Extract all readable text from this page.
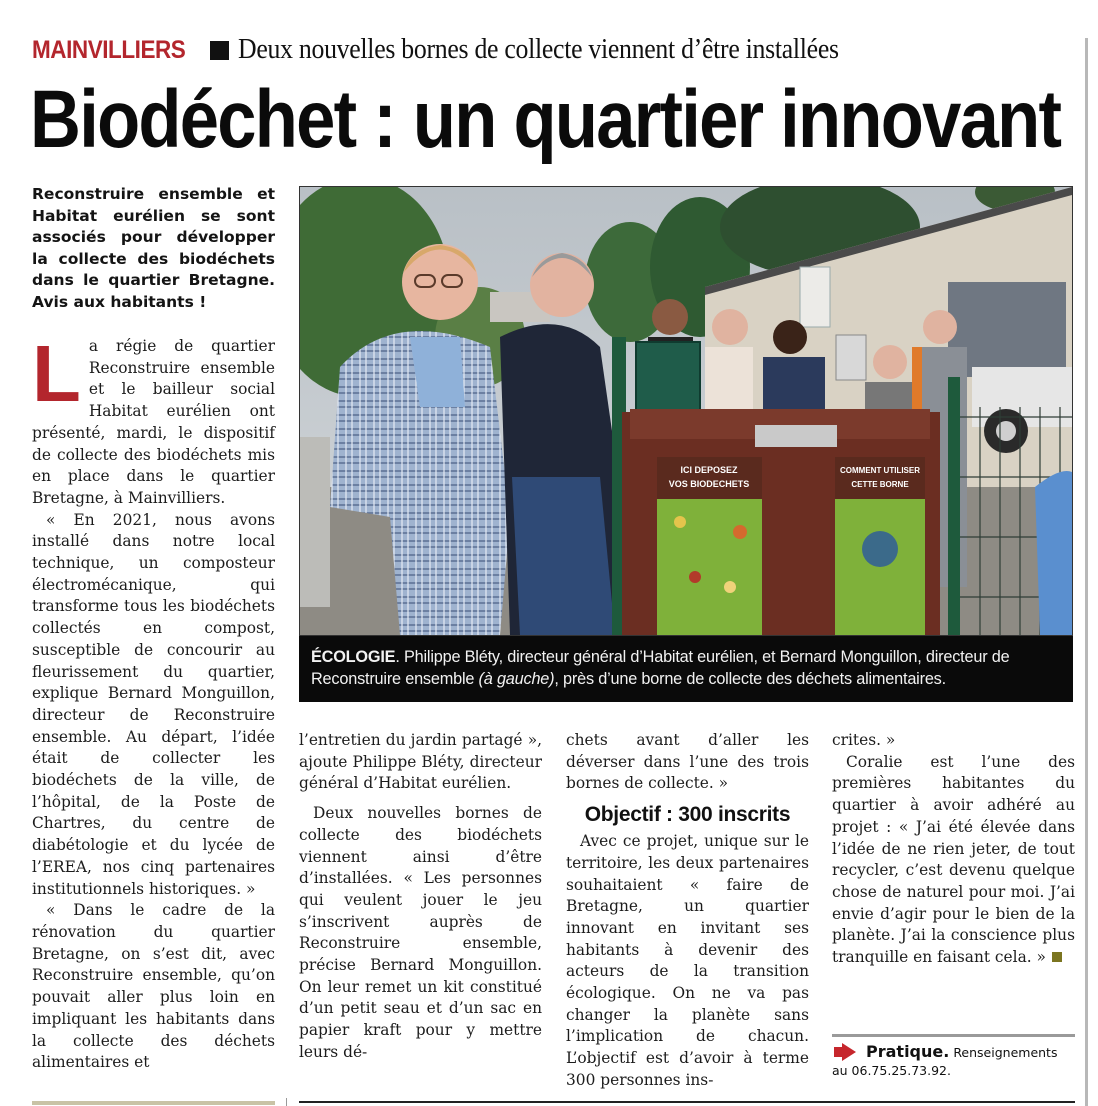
MAINVILLIERS Deux nouvelles bornes de collecte viennent d’être installées
Biodéchet : un quartier innovant
Reconstruire ensemble et Habitat eurélien se sont associés pour développer la collecte des biodéchets dans le quartier Bretagne. Avis aux habitants !

La régie de quartier Reconstruire ensemble et le bailleur social Habitat eurélien ont présenté, mardi, le dispositif de collecte des biodéchets mis en place dans le quartier Bretagne, à Mainvilliers.

« En 2021, nous avons installé dans notre local technique, un composteur électromécanique, qui transforme tous les biodéchets collectés en compost, susceptible de concourir au fleurissement du quartier, explique Bernard Monguillon, directeur de Reconstruire ensemble. Au départ, l’idée était de collecter les biodéchets de la ville, de l’hôpital, de la Poste de Chartres, du centre de diabétologie et du lycée de l’EREA, nos cinq partenaires institutionnels historiques. »

« Dans le cadre de la rénovation du quartier Bretagne, on s’est dit, avec Reconstruire ensemble, qu’on pouvait aller plus loin en impliquant les habitants dans la collecte des déchets alimentaires et

ICI DEPOSEZ
VOS BIODECHETS
COMMENT UTILISER
CETTE BORNE
ÉCOLOGIE. Philippe Bléty, directeur général d’Habitat eurélien, et Bernard Monguillon, directeur de Reconstruire ensemble (à gauche), près d’une borne de collecte des déchets alimentaires.

l’entretien du jardin partagé », ajoute Philippe Bléty, directeur général d’Habitat eurélien.

Deux nouvelles bornes de collecte des biodéchets viennent ainsi d’être d’installées. « Les personnes qui veulent jouer le jeu s’inscrivent auprès de Reconstruire ensemble, précise Bernard Monguillon. On leur remet un kit constitué d’un petit seau et d’un sac en papier kraft pour y mettre leurs dé-

chets avant d’aller les déverser dans l’une des trois bornes de collecte. »

Objectif : 300 inscrits

Avec ce projet, unique sur le territoire, les deux partenaires souhaitaient « faire de Bretagne, un quartier innovant en invitant ses habitants à devenir des acteurs de la transition écologique. On ne va pas changer la planète sans l’implication de chacun. L’objectif est d’avoir à terme 300 personnes ins-

crites. »

Coralie est l’une des premières habitantes du quartier à avoir adhéré au projet : « J’ai été élevée dans l’idée de ne rien jeter, de tout recycler, c’est devenu quelque chose de naturel pour moi. J’ai envie d’agir pour le bien de la planète. J’ai la conscience plus tranquille en faisant cela. »

Pratique. Renseignements au 06.75.25.73.92.
